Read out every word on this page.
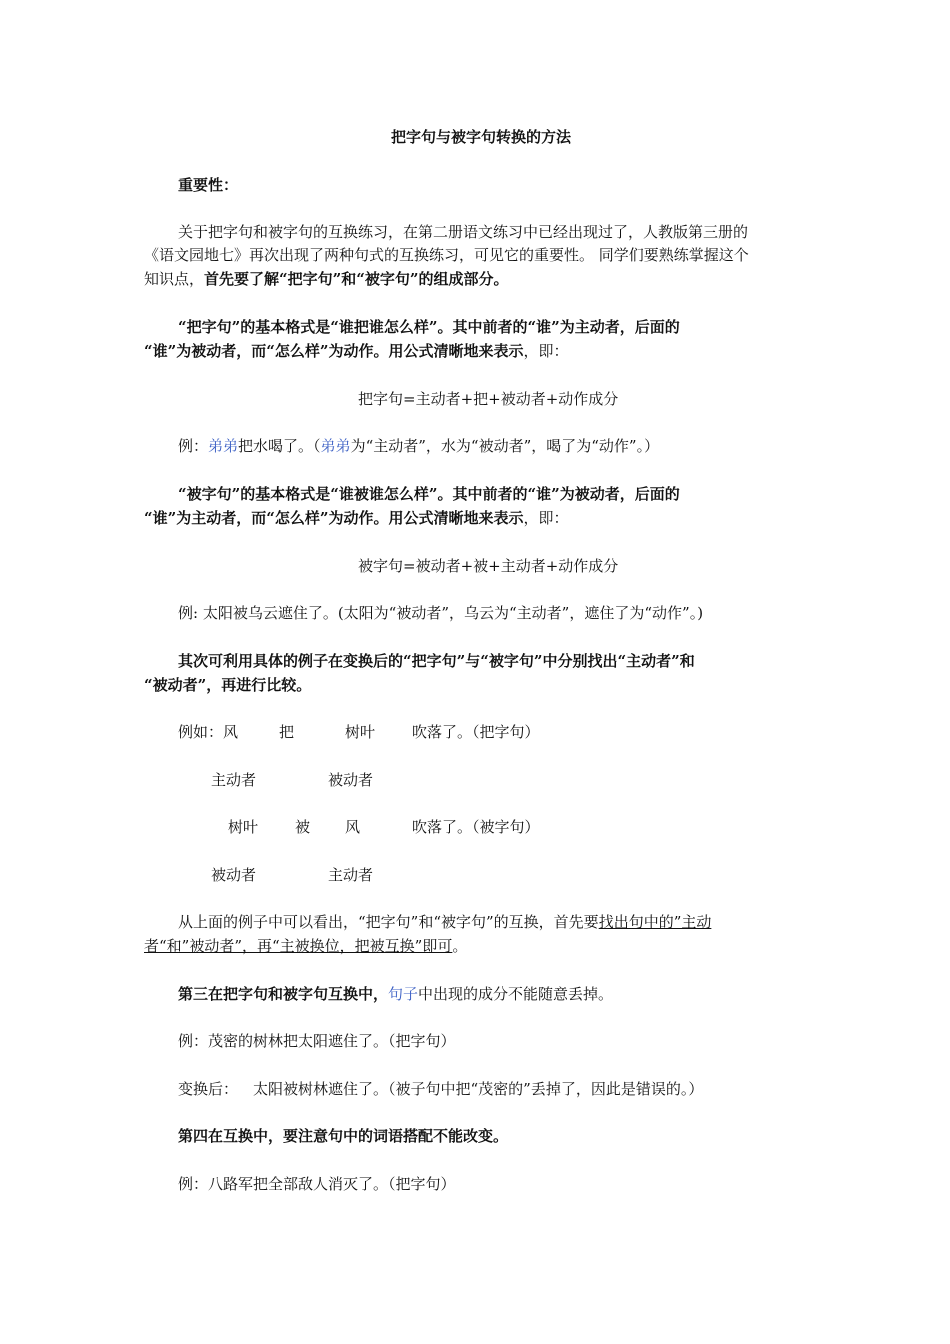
把字句与被字句转换的方法
重要性：
关于把字句和被字句的互换练习，在第二册语文练习中已经出现过了，人教版第三册的
《语文园地七》再次出现了两种句式的互换练习，可见它的重要性。 同学们要熟练掌握这个
知识点，首先要了解“把字句”和“被字句”的组成部分。
“把字句”的基本格式是“谁把谁怎么样”。其中前者的“谁”为主动者，后面的
“谁”为被动者，而“怎么样”为动作。用公式清晰地来表示，即：
把字句=主动者+把+被动者+动作成分
例：弟弟把水喝了。（弟弟为“主动者”，水为“被动者”，喝了为“动作”。）
“被字句”的基本格式是“谁被谁怎么样”。其中前者的“谁”为被动者，后面的
“谁”为主动者，而“怎么样”为动作。用公式清晰地来表示，即：
被字句=被动者+被+主动者+动作成分
例: 太阳被乌云遮住了。(太阳为“被动者”，乌云为“主动者”，遮住了为“动作”。)
其次可利用具体的例子在变换后的“把字句”与“被字句”中分别找出“主动者”和
“被动者”，再进行比较。
例如：风	把	树叶 吹落了。（把字句）
主动者	被动者
树叶 被 风	吹落了。（被字句）
被动者	主动者
从上面的例子中可以看出，“把字句”和“被字句”的互换，首先要找出句中的”主动
者“和”被动者”，再“主被换位，把被互换”即可。
第三在把字句和被字句互换中，句子中出现的成分不能随意丢掉。
例：茂密的树林把太阳遮住了。（把字句）
变换后： 太阳被树林遮住了。（被子句中把“茂密的”丢掉了，因此是错误的。）
第四在互换中，要注意句中的词语搭配不能改变。
例：八路军把全部敌人消灭了。（把字句）
